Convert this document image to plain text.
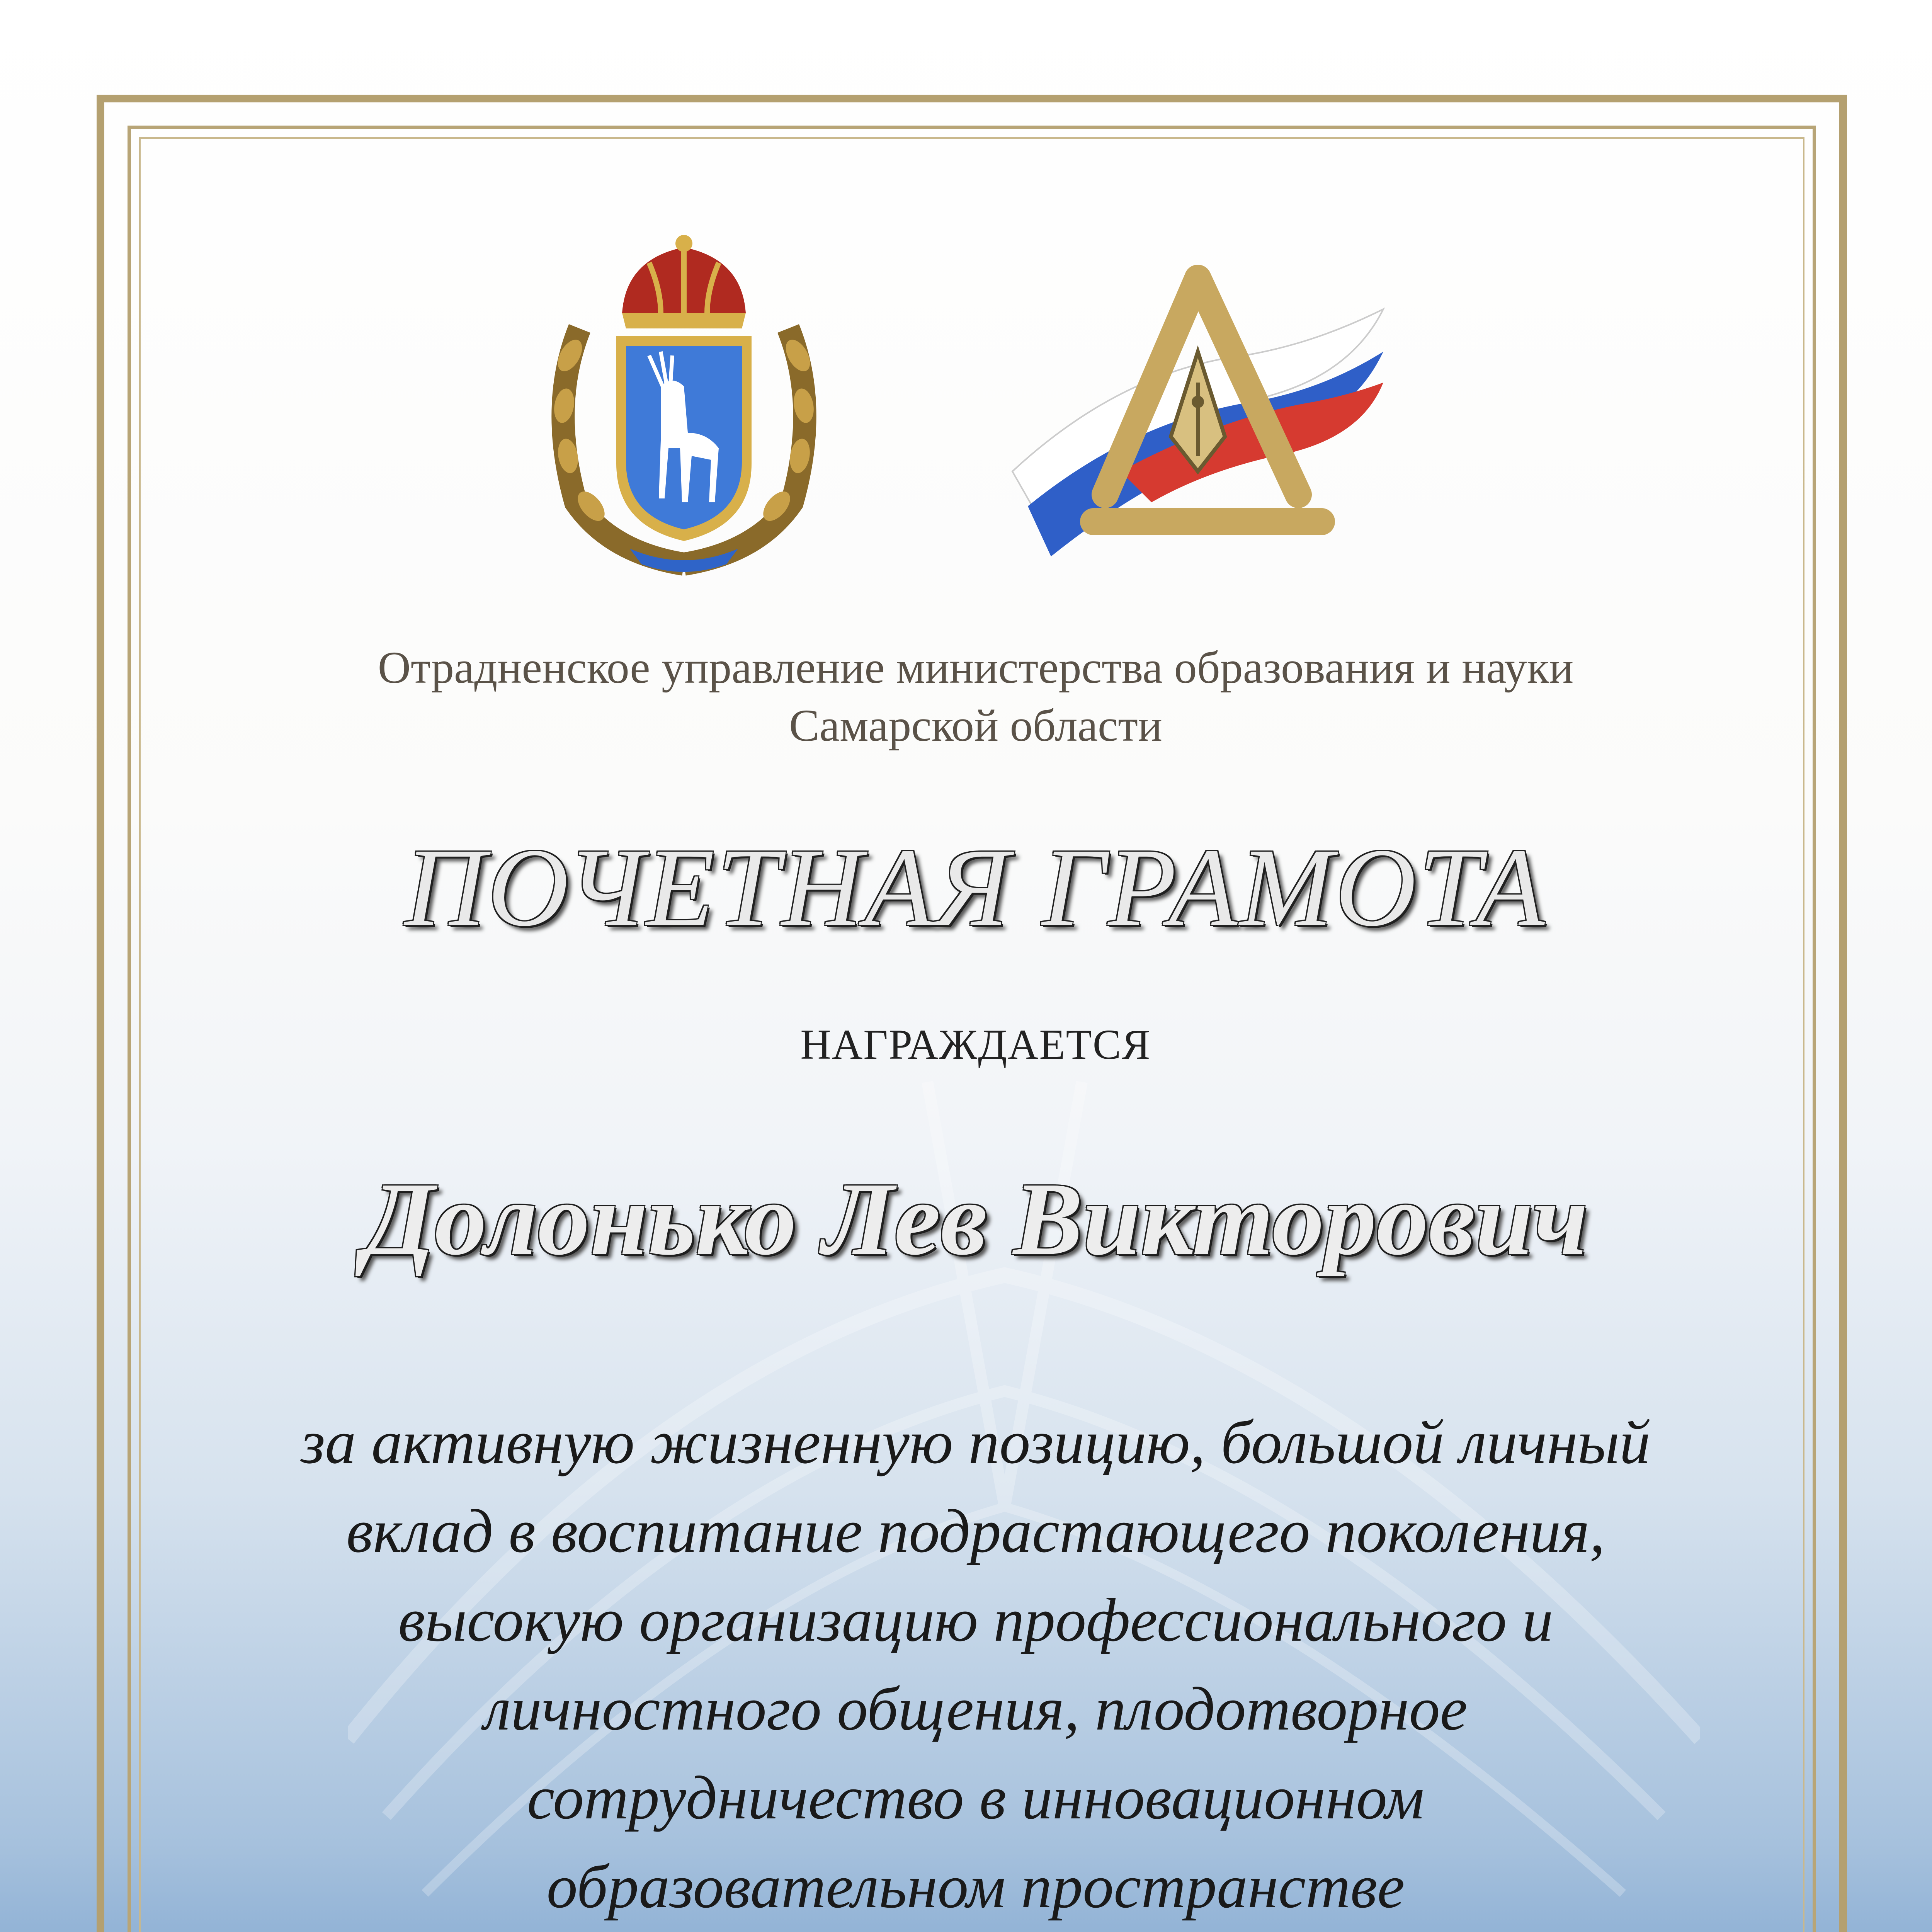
Отрадненское управление министерства образования и науки
Самарской области
ПОЧЕТНАЯ ГРАМОТА
НАГРАЖДАЕТСЯ
Долонько Лев Викторович
за активную жизненную позицию, большой личный
вклад в воспитание подрастающего поколения,
высокую организацию профессионального и
личностного общения, плодотворное
сотрудничество в инновационном
образовательном пространстве
